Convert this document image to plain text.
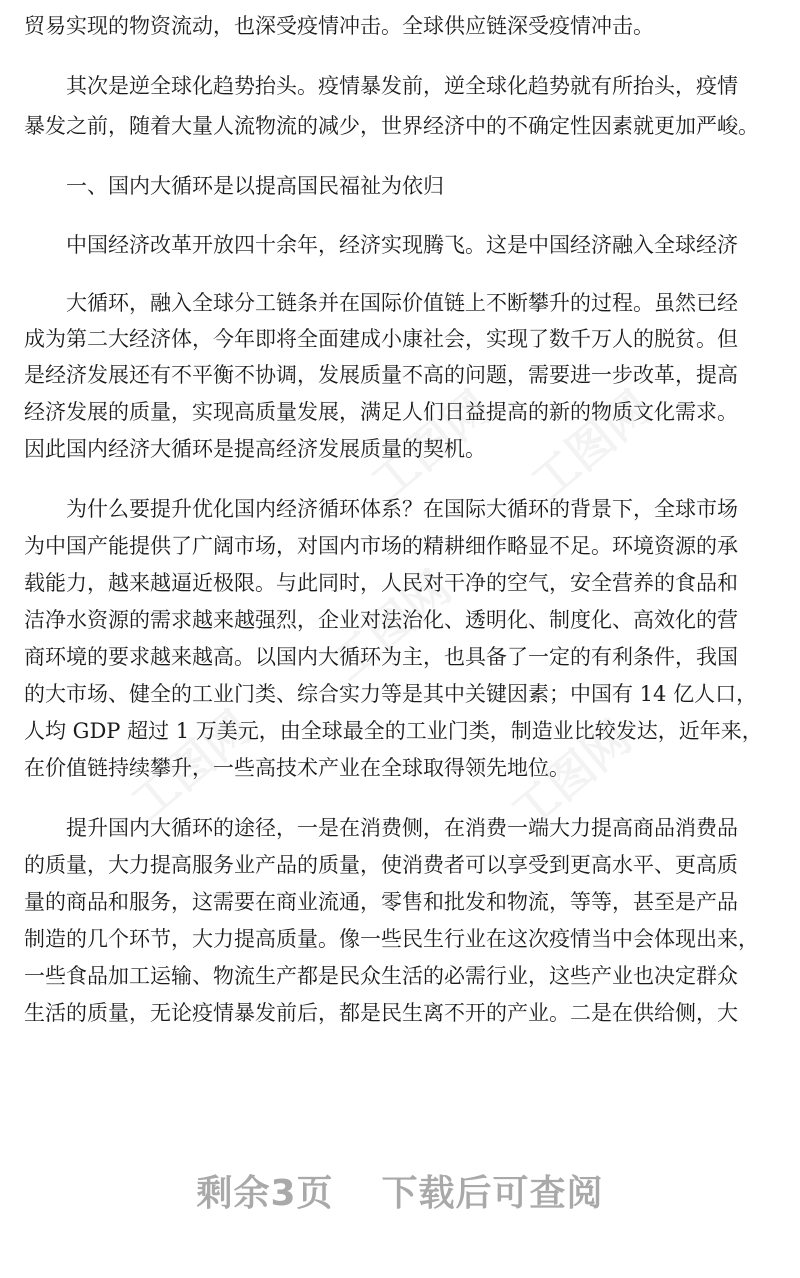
工图网 工图网
工图网
工图网	工图网
贸易实现的物资流动，也深受疫情冲击。全球供应链深受疫情冲击。
其次是逆全球化趋势抬头。疫情暴发前，逆全球化趋势就有所抬头，疫情
暴发之前，随着大量人流物流的减少，世界经济中的不确定性因素就更加严峻。
一、国内大循环是以提高国民福祉为依归
中国经济改革开放四十余年，经济实现腾飞。这是中国经济融入全球经济
大循环，融入全球分工链条并在国际价值链上不断攀升的过程。虽然已经
成为第二大经济体，今年即将全面建成小康社会，实现了数千万人的脱贫。但
是经济发展还有不平衡不协调，发展质量不高的问题，需要进一步改革，提高
经济发展的质量，实现高质量发展，满足人们日益提高的新的物质文化需求。
因此国内经济大循环是提高经济发展质量的契机。
为什么要提升优化国内经济循环体系？在国际大循环的背景下，全球市场
为中国产能提供了广阔市场，对国内市场的精耕细作略显不足。环境资源的承
载能力，越来越逼近极限。与此同时，人民对干净的空气，安全营养的食品和
洁净水资源的需求越来越强烈，企业对法治化、透明化、制度化、高效化的营
商环境的要求越来越高。以国内大循环为主，也具备了一定的有利条件，我国
的大市场、健全的工业门类、综合实力等是其中关键因素；中国有 14 亿人口，
人均 GDP 超过 1 万美元，由全球最全的工业门类，制造业比较发达，近年来，
在价值链持续攀升，一些高技术产业在全球取得领先地位。
提升国内大循环的途径，一是在消费侧，在消费一端大力提高商品消费品
的质量，大力提高服务业产品的质量，使消费者可以享受到更高水平、更高质
量的商品和服务，这需要在商业流通，零售和批发和物流，等等，甚至是产品
制造的几个环节，大力提高质量。像一些民生行业在这次疫情当中会体现出来，
一些食品加工运输、物流生产都是民众生活的必需行业，这些产业也决定群众
生活的质量，无论疫情暴发前后，都是民生离不开的产业。二是在供给侧，大
剩余3页 下载后可查阅
